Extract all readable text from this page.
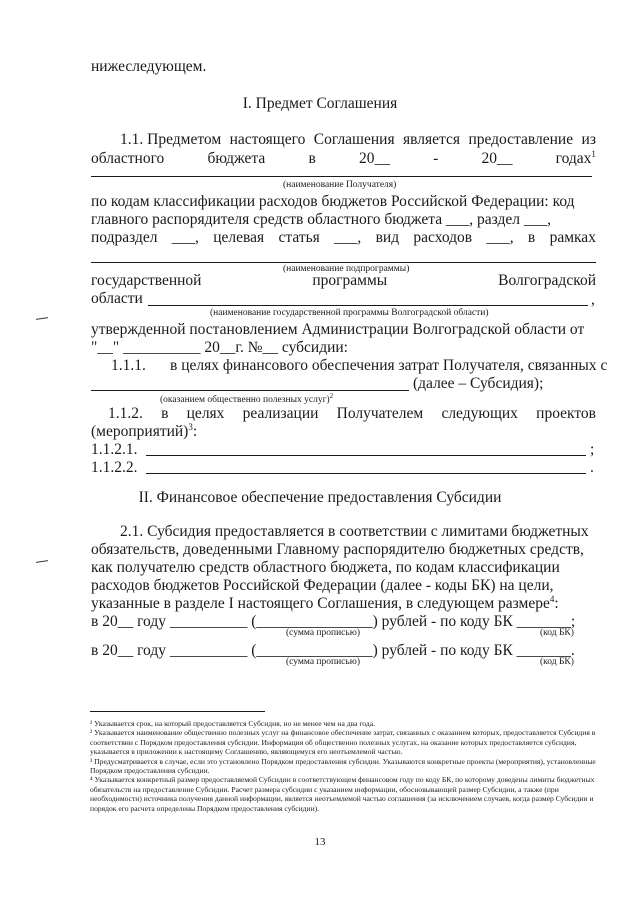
нижеследующем.
I. Предмет Соглашения
1.1. Предметом настоящего Соглашения является предоставление из
областного	бюджета	в	20__	-	20__	годах$^1$
(наименование Получателя)
по кодам классификации расходов бюджетов Российской Федерации: код
главного распорядителя средств областного бюджета ___, раздел ___,
подраздел ___, целевая статья ___, вид расходов ___, в рамках
(наименование подпрограммы)
государственной	программы	Волгоградской
области	,
(наименование государственной программы Волгоградской области)
утвержденной постановлением Администрации Волгоградской области от
"__" __________ 20__г. №__ субсидии:
1.1.1. в целях финансового обеспечения затрат Получателя, связанных с
(далее – Субсидия);
(оказанием общественно полезных услуг)$^2$
1.1.2. в целях реализации Получателем следующих проектов
(мероприятий)$^3$:
1.1.2.1.	;
1.1.2.2.	.
II. Финансовое обеспечение предоставления Субсидии
2.1. Субсидия предоставляется в соответствии с лимитами бюджетных
обязательств, доведенными Главному распорядителю бюджетных средств,
как получателю средств областного бюджета, по кодам классификации
расходов бюджетов Российской Федерации (далее - коды БК) на цели,
указанные в разделе I настоящего Соглашения, в следующем размере$^4$:
в 20__ году __________ (_______________) рублей - по коду БК _______;
(сумма прописью)	(код БК)
в 20__ году __________ (_______________) рублей - по коду БК _______.
(сумма прописью)	(код БК)

¹ Указывается срок, на который предоставляется Субсидия, но не менее чем на два года.

² Указывается наименование общественно полезных услуг на финансовое обеспечение затрат, связанных с оказанием которых, предоставляется Субсидия в соответствии с Порядком предоставления субсидии. Информация об общественно полезных услугах, на оказание которых предоставляется субсидия, указывается в приложении к настоящему Соглашению, являющемуся его неотъемлемой частью.

³ Предусматривается в случае, если это установлено Порядком предоставления субсидии. Указываются конкретные проекты (мероприятия), установленные Порядком предоставления субсидии.

⁴ Указывается конкретный размер предоставляемой Субсидии в соответствующем финансовом году по коду БК, по которому доведены лимиты бюджетных обязательств на предоставление Субсидии. Расчет размера субсидии с указанием информации, обосновывающей размер Субсидии, а также (при необходимости) источника получения данной информации, является неотъемлемой частью соглашения (за исключением случаев, когда размер Субсидии и порядок его расчета определены Порядком предоставления субсидии).

13
